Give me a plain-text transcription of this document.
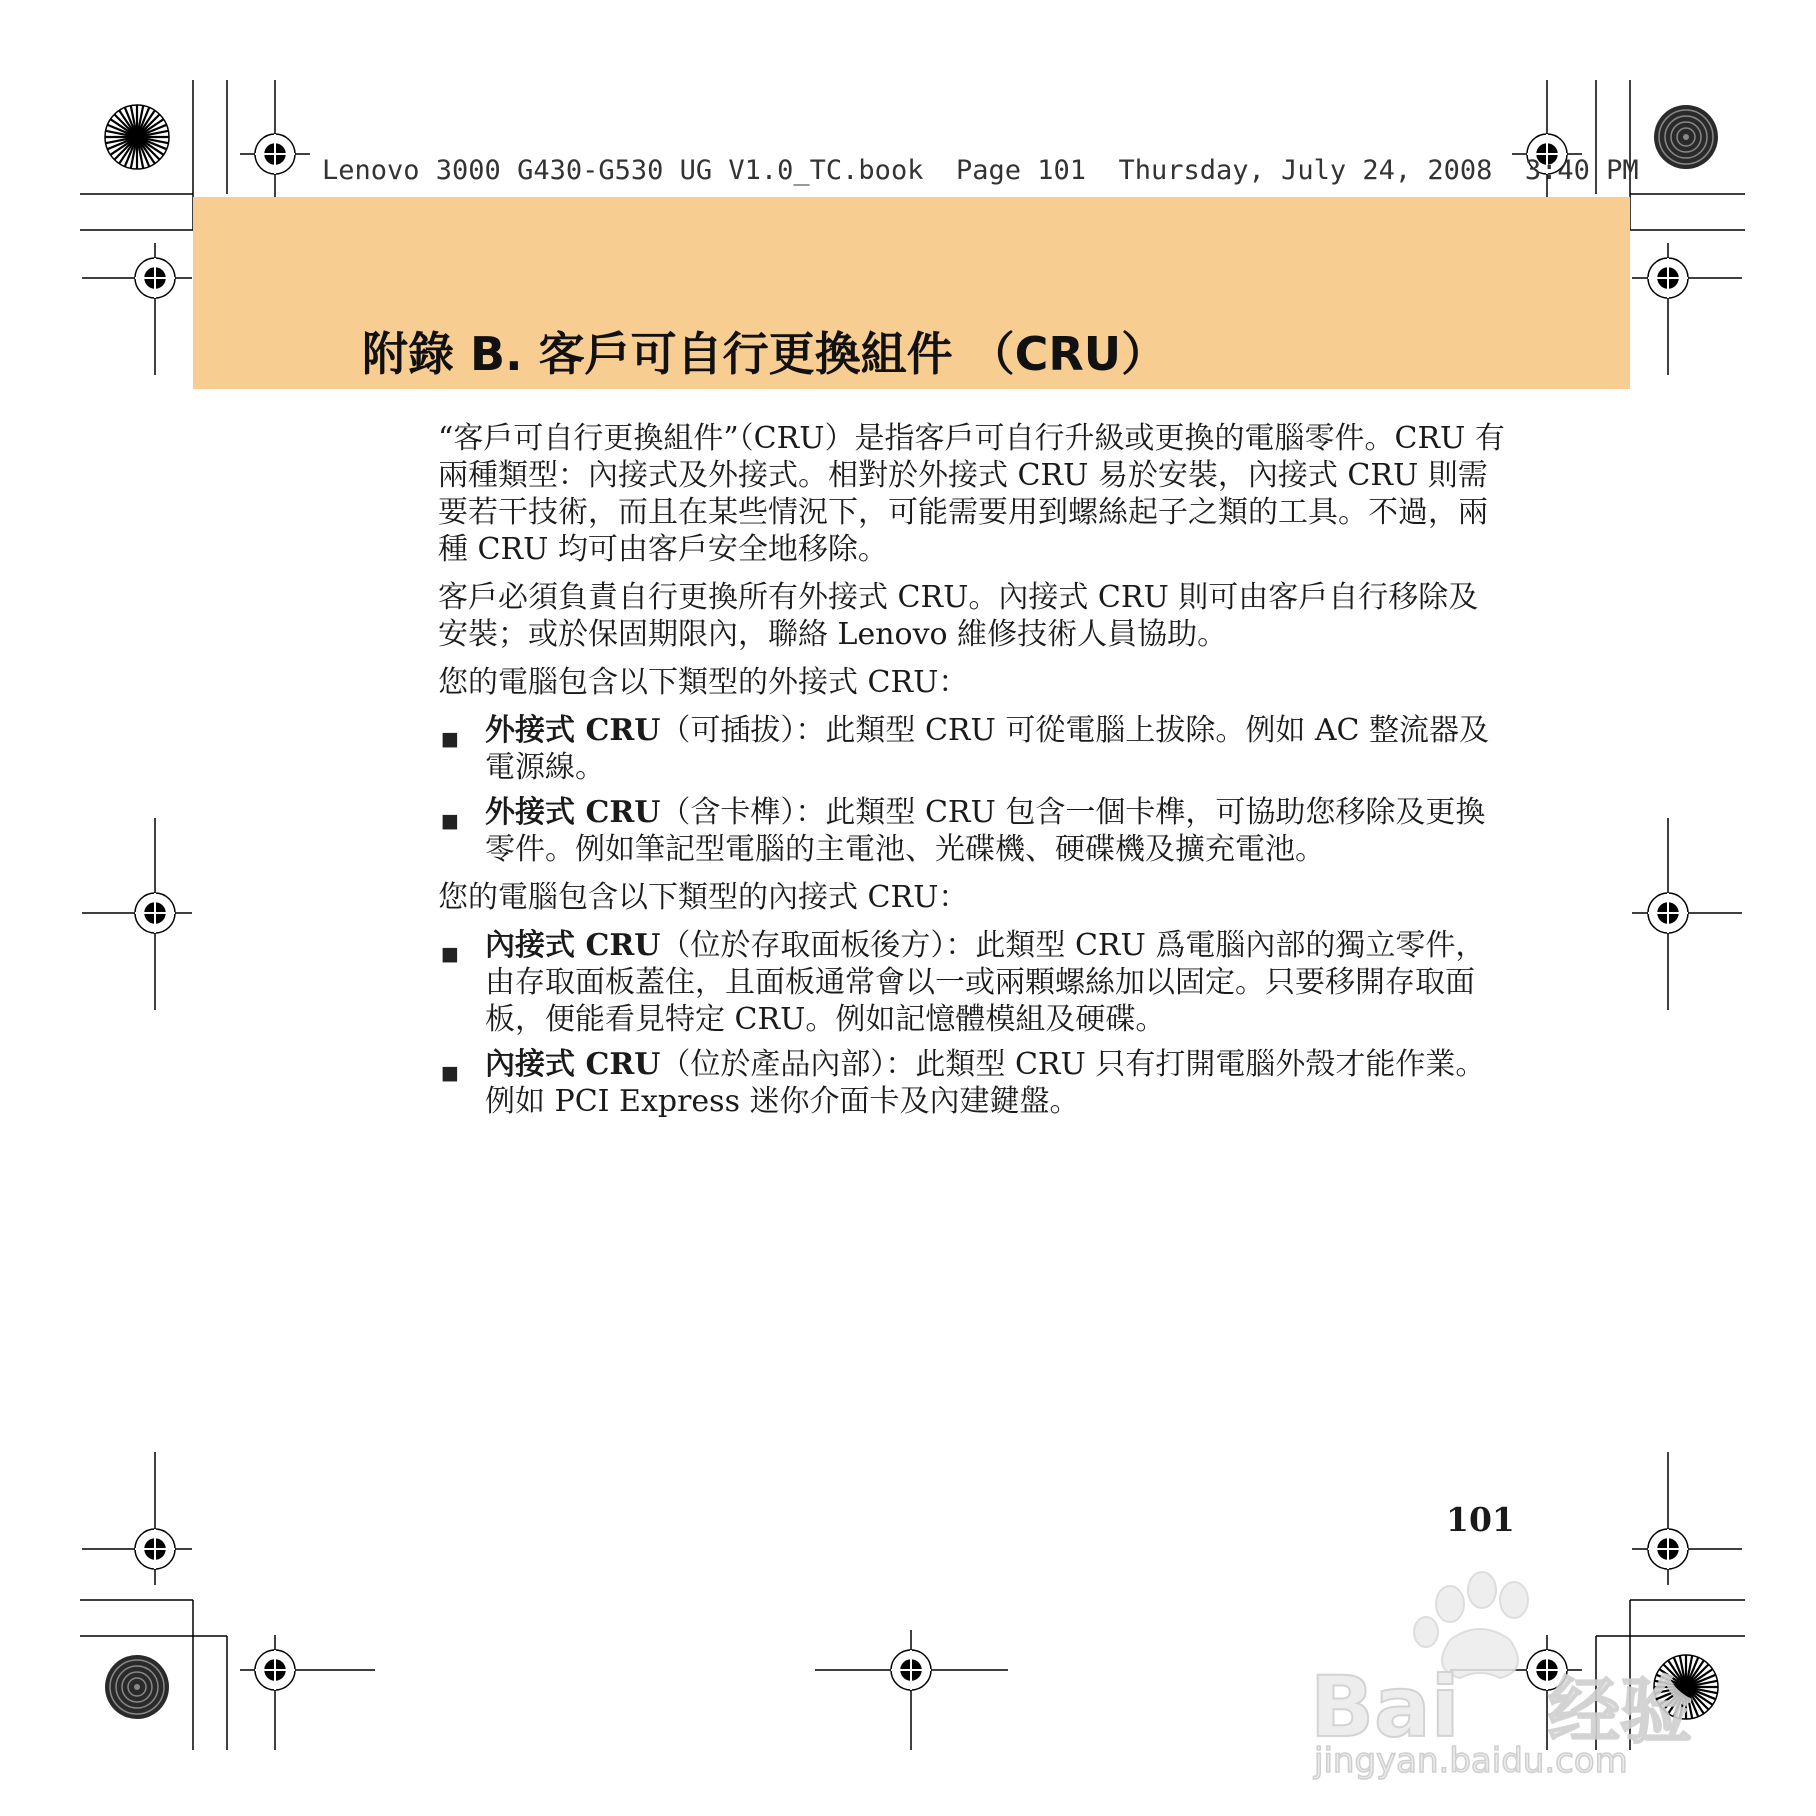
Lenovo 3000 G430-G530 UG V1.0_TC.book  Page 101  Thursday, July 24, 2008  3:40 PM
附錄 B. 客戶可自行更換組件 （CRU）

“客戶可自行更換組件”（CRU）是指客戶可自行升級或更換的電腦零件。CRU 有兩種類型：內接式及外接式。相對於外接式 CRU 易於安裝，內接式 CRU 則需要若干技術，而且在某些情況下，可能需要用到螺絲起子之類的工具。不過，兩種 CRU 均可由客戶安全地移除。

客戶必須負責自行更換所有外接式 CRU。內接式 CRU 則可由客戶自行移除及安裝；或於保固期限內，聯絡 Lenovo 維修技術人員協助。

您的電腦包含以下類型的外接式 CRU：

■ 外接式 CRU（可插拔）：此類型 CRU 可從電腦上拔除。例如 AC 整流器及電源線。
■ 外接式 CRU（含卡榫）：此類型 CRU 包含一個卡榫，可協助您移除及更換零件。例如筆記型電腦的主電池、光碟機、硬碟機及擴充電池。

您的電腦包含以下類型的內接式 CRU：

■ 內接式 CRU（位於存取面板後方）：此類型 CRU 爲電腦內部的獨立零件，由存取面板蓋住，且面板通常會以一或兩顆螺絲加以固定。只要移開存取面板，便能看見特定 CRU。例如記憶體模組及硬碟。
■ 內接式 CRU（位於產品內部）：此類型 CRU 只有打開電腦外殼才能作業。例如 PCI Express 迷你介面卡及內建鍵盤。
101
Bai 经验
jingyan.baidu.com
